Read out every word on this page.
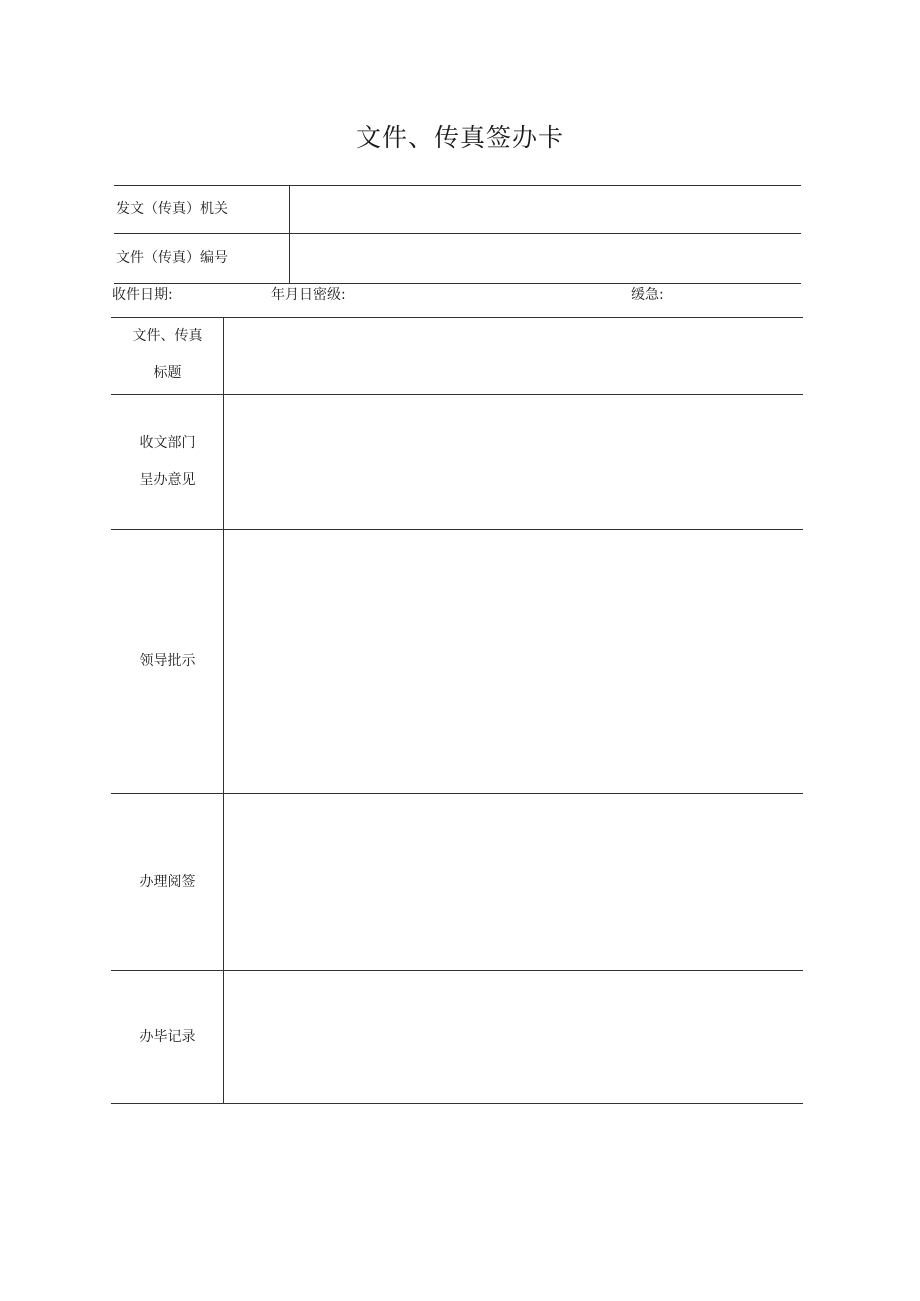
文件、传真签办卡
发文（传真）机关
文件（传真）编号
收件日期:	年月日密级:	缓急:
文件、传真
标题
收文部门
呈办意见
领导批示
办理阅签
办毕记录
